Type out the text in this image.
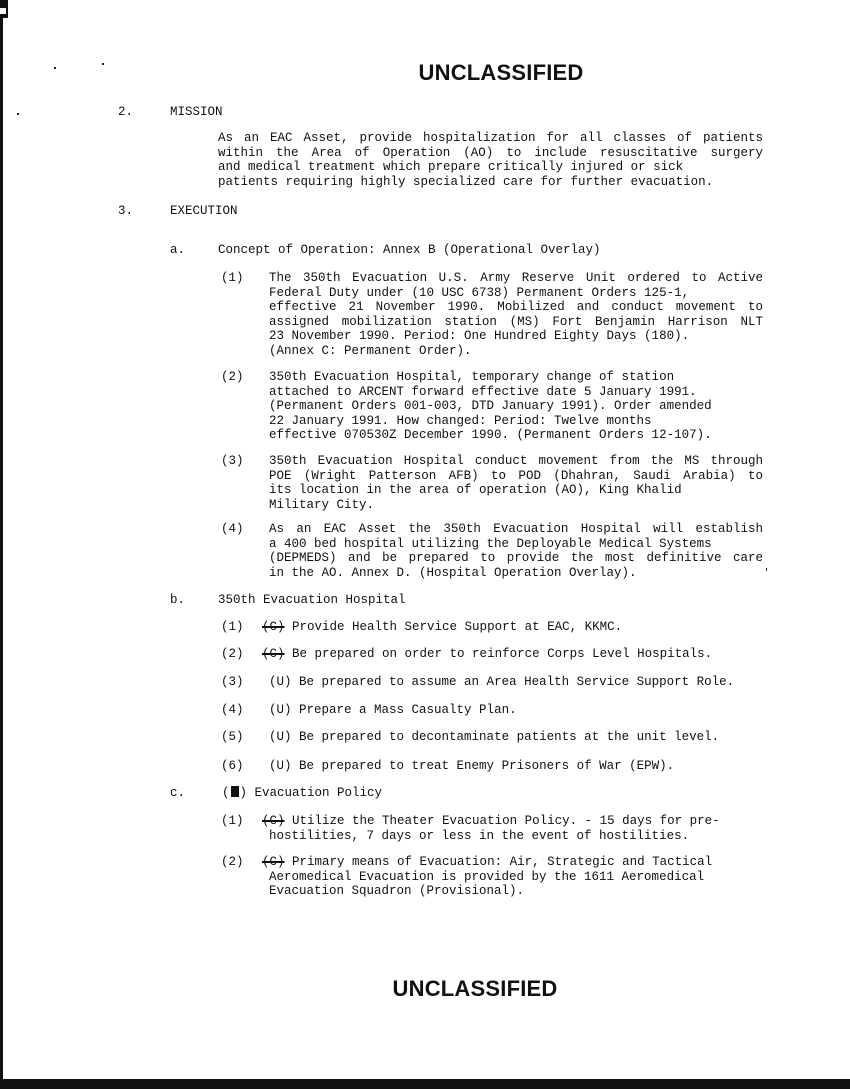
UNCLASSIFIED
2.	MISSION
As an EAC Asset, provide hospitalization for all classes of patients
within the Area of Operation (AO) to include resuscitative surgery
and medical treatment which prepare critically injured or sick
patients requiring highly specialized care for further evacuation.
3.	EXECUTION
a.	Concept of Operation: Annex B (Operational Overlay)
(1) The 350th Evacuation U.S. Army Reserve Unit ordered to Active
Federal Duty under (10 USC 6738) Permanent Orders 125-1,
effective 21 November 1990. Mobilized and conduct movement to
assigned mobilization station (MS) Fort Benjamin Harrison NLT
23 November 1990. Period: One Hundred Eighty Days (180).
(Annex C: Permanent Order).
(2) 350th Evacuation Hospital, temporary change of station
attached to ARCENT forward effective date 5 January 1991.
(Permanent Orders 001-003, DTD January 1991). Order amended
22 January 1991. How changed: Period: Twelve months
effective 070530Z December 1990. (Permanent Orders 12-107).
(3) 350th Evacuation Hospital conduct movement from the MS through
POE (Wright Patterson AFB) to POD (Dhahran, Saudi Arabia) to
its location in the area of operation (AO), King Khalid
Military City.
(4) As an EAC Asset the 350th Evacuation Hospital will establish
a 400 bed hospital utilizing the Deployable Medical Systems
(DEPMEDS) and be prepared to provide the most definitive care
in the AO. Annex D. (Hospital Operation Overlay).
b.	350th Evacuation Hospital
(1) (C) Provide Health Service Support at EAC, KKMC.
(2) (C) Be prepared on order to reinforce Corps Level Hospitals.
(3) (U) Be prepared to assume an Area Health Service Support Role.
(4) (U) Prepare a Mass Casualty Plan.
(5) (U) Be prepared to decontaminate patients at the unit level.
(6) (U) Be prepared to treat Enemy Prisoners of War (EPW).
c.	( ) Evacuation Policy
(1) (C) Utilize the Theater Evacuation Policy. - 15 days for pre-
hostilities, 7 days or less in the event of hostilities.
(2) (C) Primary means of Evacuation: Air, Strategic and Tactical
Aeromedical Evacuation is provided by the 1611 Aeromedical
Evacuation Squadron (Provisional).
UNCLASSIFIED
